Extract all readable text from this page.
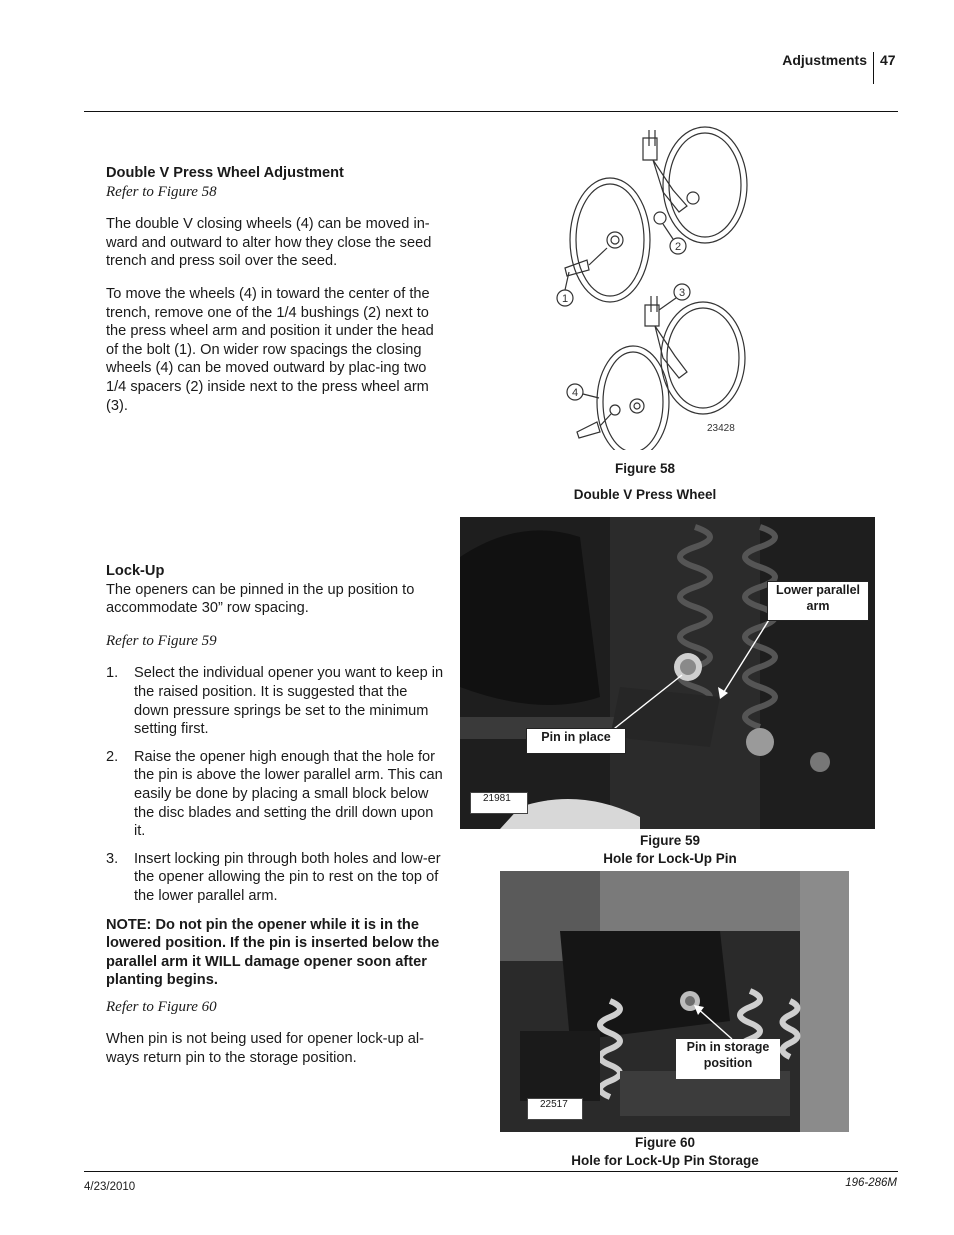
Adjustments 47

Double V Press Wheel Adjustment

Refer to Figure 58

The double V closing wheels (4) can be moved in-ward and outward to alter how they close the seed trench and press soil over the seed.

To move the wheels (4) in toward the center of the trench, remove one of the 1/4 bushings (2) next to the press wheel arm and position it under the head of the bolt (1). On wider row spacings the closing wheels (4) can be moved outward by plac-ing two 1/4 spacers (2) inside next to the press wheel arm (3).

1
2
3
4
23428
Figure 58
Double V Press Wheel

Lock-Up

The openers can be pinned in the up position to accommodate 30” row spacing.

Refer to Figure 59

1. Select the individual opener you want to keep in the raised position. It is suggested that the down pressure springs be set to the minimum setting first.
2. Raise the opener high enough that the hole for the pin is above the lower parallel arm. This can easily be done by placing a small block below the disc blades and setting the drill down upon it.
3. Insert locking pin through both holes and low-er the opener allowing the pin to rest on the top of the lower parallel arm.

NOTE: Do not pin the opener while it is in the lowered position. If the pin is inserted below the parallel arm it WILL damage opener soon after planting begins.

Refer to Figure 60

When pin is not being used for opener lock-up al-ways return pin to the storage position.

Lower parallel arm
Pin in place
21981
Figure 59
Hole for Lock-Up Pin
Pin in storage position
22517
Figure 60
Hole for Lock-Up Pin Storage
4/23/2010	196-286M
